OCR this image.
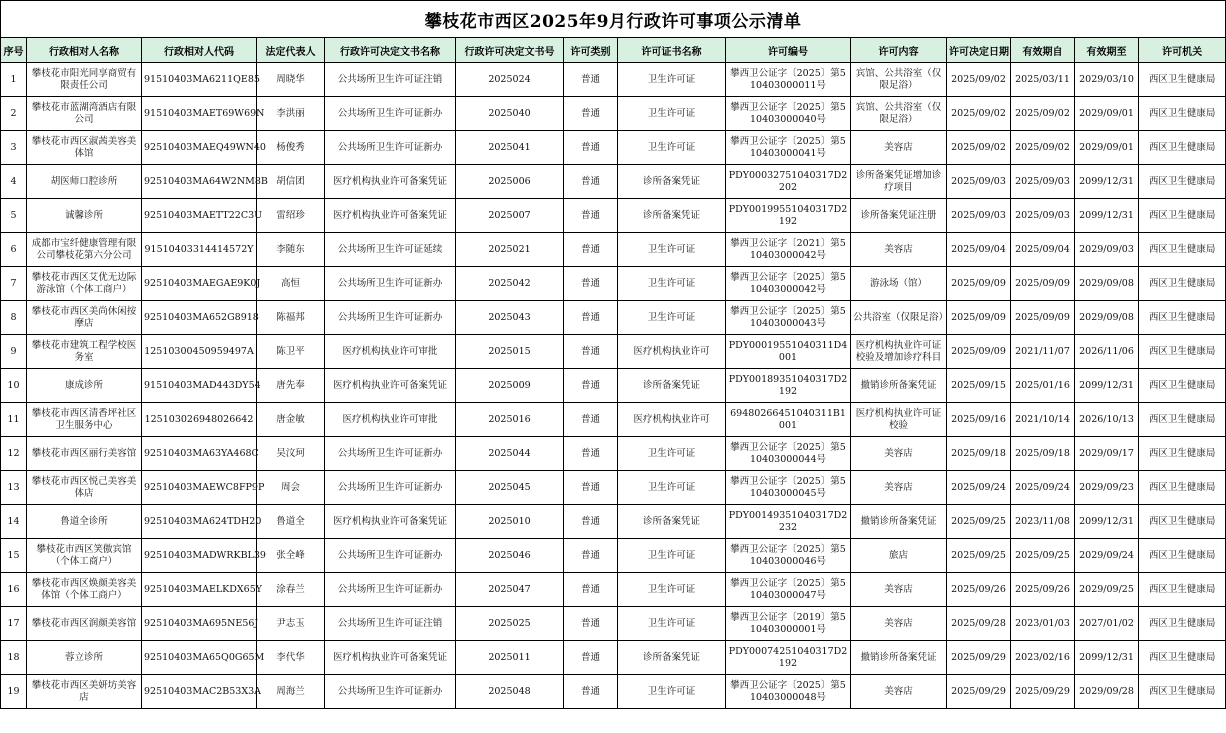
攀枝花市西区2025年9月行政许可事项公示清单													
序号	行政相对人名称	行政相对人代码	法定代表人	行政许可决定文书名称	行政许可决定文书号	许可类别	许可证书名称	许可编号	许可内容	许可决定日期	有效期自	有效期至	许可机关

1	攀枝花市阳光同享商贸有限责任公司	91510403MA6211QE85	周晓华	公共场所卫生许可证注销	2025024	普通	卫生许可证	攀西卫公证字〔2025〕第510403000011号	宾馆、公共浴室（仅限足浴）	2025/09/02	2025/03/11	2029/03/10	西区卫生健康局

2	攀枝花市蓝湖湾酒店有限公司	91510403MAET69W69N	李洪丽	公共场所卫生许可证新办	2025040	普通	卫生许可证	攀西卫公证字〔2025〕第510403000040号	宾馆、公共浴室（仅限足浴）	2025/09/02	2025/09/02	2029/09/01	西区卫生健康局

3	攀枝花市西区淑茜美容美体馆	92510403MAEQ49WN40	杨俊秀	公共场所卫生许可证新办	2025041	普通	卫生许可证	攀西卫公证字〔2025〕第510403000041号	美容店	2025/09/02	2025/09/02	2029/09/01	西区卫生健康局

4	胡医师口腔诊所	92510403MA64W2NM8B	胡信团	医疗机构执业许可备案凭证	2025006	普通	诊所备案凭证	PDY00032751040317D2202	诊所备案凭证增加诊疗项目	2025/09/03	2025/09/03	2099/12/31	西区卫生健康局

5	诚馨诊所	92510403MAETT22C3U	雷绍珍	医疗机构执业许可备案凭证	2025007	普通	诊所备案凭证	PDY00199551040317D2192	诊所备案凭证注册	2025/09/03	2025/09/03	2099/12/31	西区卫生健康局

6	成都市宝纤健康管理有限公司攀枝花第六分公司	91510403314414572Y	李随东	公共场所卫生许可证延续	2025021	普通	卫生许可证	攀西卫公证字〔2021〕第510403000042号	美容店	2025/09/04	2025/09/04	2029/09/03	西区卫生健康局

7	攀枝花市西区艾优无边际游泳馆（个体工商户）	92510403MAEGAE9K0J	高恒	公共场所卫生许可证新办	2025042	普通	卫生许可证	攀西卫公证字〔2025〕第510403000042号	游泳场（馆）	2025/09/09	2025/09/09	2029/09/08	西区卫生健康局

8	攀枝花市西区美尚休闲按摩店	92510403MA652G8918	陈福邦	公共场所卫生许可证新办	2025043	普通	卫生许可证	攀西卫公证字〔2025〕第510403000043号	公共浴室（仅限足浴）	2025/09/09	2025/09/09	2029/09/08	西区卫生健康局

9	攀枝花市建筑工程学校医务室	12510300450959497A	陈卫平	医疗机构执业许可审批	2025015	普通	医疗机构执业许可	PDY00019551040311D4001	医疗机构执业许可证校验及增加诊疗科目	2025/09/09	2021/11/07	2026/11/06	西区卫生健康局

10	康成诊所	91510403MAD443DY54	唐先奉	医疗机构执业许可备案凭证	2025009	普通	诊所备案凭证	PDY00189351040317D2192	撤销诊所备案凭证	2025/09/15	2025/01/16	2099/12/31	西区卫生健康局

11	攀枝花市西区清香坪社区卫生服务中心	125103026948026642	唐金敏	医疗机构执业许可审批	2025016	普通	医疗机构执业许可	69480266451040311B1001	医疗机构执业许可证校验	2025/09/16	2021/10/14	2026/10/13	西区卫生健康局

12	攀枝花市西区丽行美容馆	92510403MA63YA468C	吴汶珂	公共场所卫生许可证新办	2025044	普通	卫生许可证	攀西卫公证字〔2025〕第510403000044号	美容店	2025/09/18	2025/09/18	2029/09/17	西区卫生健康局

13	攀枝花市西区悦己美容美体店	92510403MAEWC8FP9P	周会	公共场所卫生许可证新办	2025045	普通	卫生许可证	攀西卫公证字〔2025〕第510403000045号	美容店	2025/09/24	2025/09/24	2029/09/23	西区卫生健康局

14	鲁道全诊所	92510403MA624TDH20	鲁道全	医疗机构执业许可备案凭证	2025010	普通	诊所备案凭证	PDY00149351040317D2232	撤销诊所备案凭证	2025/09/25	2023/11/08	2099/12/31	西区卫生健康局

15	攀枝花市西区笑傲宾馆（个体工商户）	92510403MADWRKBL39	张全峰	公共场所卫生许可证新办	2025046	普通	卫生许可证	攀西卫公证字〔2025〕第510403000046号	旅店	2025/09/25	2025/09/25	2029/09/24	西区卫生健康局

16	攀枝花市西区焕颜美容美体馆（个体工商户）	92510403MAELKDX65Y	涂春兰	公共场所卫生许可证新办	2025047	普通	卫生许可证	攀西卫公证字〔2025〕第510403000047号	美容店	2025/09/26	2025/09/26	2029/09/25	西区卫生健康局

17	攀枝花市西区润颜美容馆	92510403MA695NE56J	尹志玉	公共场所卫生许可证注销	2025025	普通	卫生许可证	攀西卫公证字〔2019〕第510403000001号	美容店	2025/09/28	2023/01/03	2027/01/02	西区卫生健康局

18	蓉立诊所	92510403MA65Q0G65M	李代华	医疗机构执业许可备案凭证	2025011	普通	诊所备案凭证	PDY00074251040317D2192	撤销诊所备案凭证	2025/09/29	2023/02/16	2099/12/31	西区卫生健康局

19	攀枝花市西区美妍坊美容店	92510403MAC2B53X3A	周海兰	公共场所卫生许可证新办	2025048	普通	卫生许可证	攀西卫公证字〔2025〕第510403000048号	美容店	2025/09/29	2025/09/29	2029/09/28	西区卫生健康局
